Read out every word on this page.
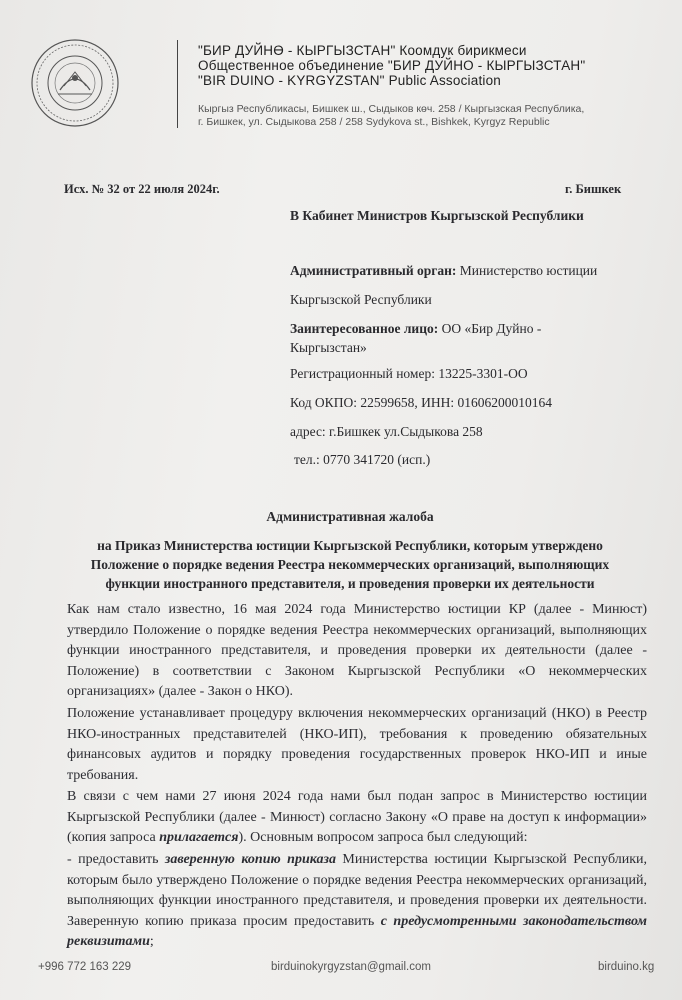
"БИР ДУЙНӨ - КЫРГЫЗСТАН" Коомдук бирикмеси
Общественное объединение "БИР ДУЙНО - КЫРГЫЗСТАН"
"BIR DUINO - KYRGYZSTAN" Public Association
Кыргыз Республикасы, Бишкек ш., Сыдыков көч. 258 / Кыргызская Республика,
г. Бишкек, ул. Сыдыкова 258 / 258 Sydykova st., Bishkek, Kyrgyz Republic
Исх. № 32 от 22 июля 2024г.	г. Бишкек
В Кабинет Министров Кыргызской Республики
Административный орган: Министерство юстиции
Кыргызской Республики
Заинтересованное лицо: ОО «Бир Дуйно -
Кыргызстан»
Регистрационный номер: 13225-3301-ОО
Код ОКПО: 22599658, ИНН: 01606200010164
адрес: г.Бишкек ул.Сыдыкова 258
тел.: 0770 341720 (исп.)
Административная жалоба
на Приказ Министерства юстиции Кыргызской Республики, которым утверждено
Положение о порядке ведения Реестра некоммерческих организаций, выполняющих
функции иностранного представителя, и проведения проверки их деятельности
Как нам стало известно, 16 мая 2024 года Министерство юстиции КР (далее - Минюст) утвердило Положение о порядке ведения Реестра некоммерческих организаций, выполняющих функции иностранного представителя, и проведения проверки их деятельности (далее - Положение) в соответствии с Законом Кыргызской Республики «О некоммерческих организациях» (далее - Закон о НКО).
Положение устанавливает процедуру включения некоммерческих организаций (НКО) в Реестр НКО-иностранных представителей (НКО-ИП), требования к проведению обязательных финансовых аудитов и порядку проведения государственных проверок НКО-ИП и иные требования.
В связи с чем нами 27 июня 2024 года нами был подан запрос в Министерство юстиции Кыргызской Республики (далее - Минюст) согласно Закону «О праве на доступ к информации» (копия запроса прилагается). Основным вопросом запроса был следующий:
- предоставить заверенную копию приказа Министерства юстиции Кыргызской Республики, которым было утверждено Положение о порядке ведения Реестра некоммерческих организаций, выполняющих функции иностранного представителя, и проведения проверки их деятельности. Заверенную копию приказа просим предоставить с предусмотренными законодательством реквизитами;
+996 772 163 229	birduinokyrgyzstan@gmail.com	birduino.kg
